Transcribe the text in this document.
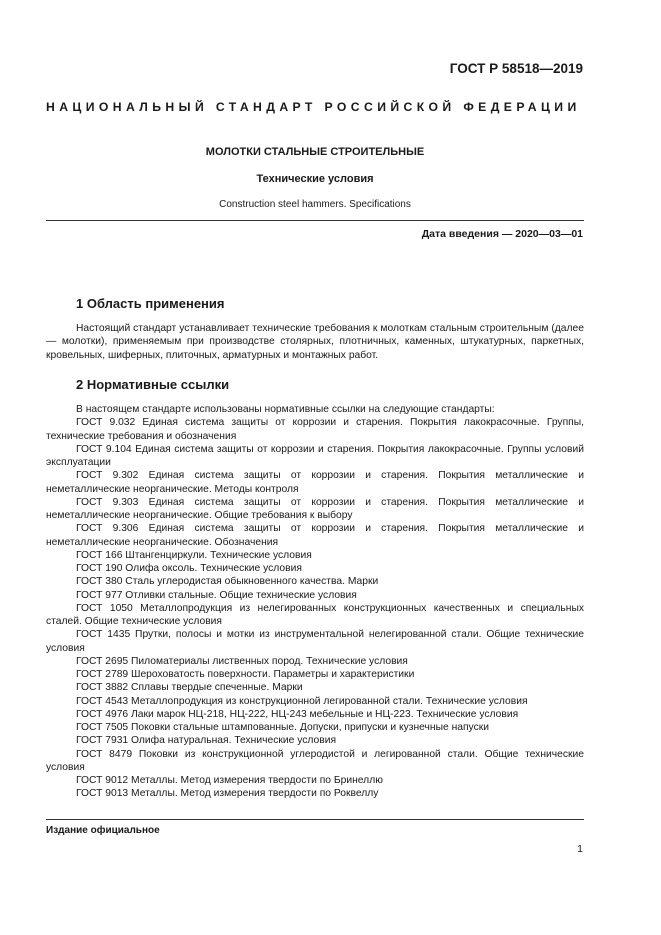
ГОСТ Р 58518—2019
НАЦИОНАЛЬНЫЙ СТАНДАРТ РОССИЙСКОЙ ФЕДЕРАЦИИ
МОЛОТКИ СТАЛЬНЫЕ СТРОИТЕЛЬНЫЕ
Технические условия
Construction steel hammers. Specifications
Дата введения — 2020—03—01
1 Область применения

Настоящий стандарт устанавливает технические требования к молоткам стальным строительным (далее — молотки), применяемым при производстве столярных, плотничных, каменных, штукатурных, паркетных, кровельных, шиферных, плиточных, арматурных и монтажных работ.

2 Нормативные ссылки
В настоящем стандарте использованы нормативные ссылки на следующие стандарты:
ГОСТ 9.032 Единая система защиты от коррозии и старения. Покрытия лакокрасочные. Группы, технические требования и обозначения
ГОСТ 9.104 Единая система защиты от коррозии и старения. Покрытия лакокрасочные. Группы условий эксплуатации
ГОСТ 9.302 Единая система защиты от коррозии и старения. Покрытия металлические и неметаллические неорганические. Методы контроля
ГОСТ 9.303 Единая система защиты от коррозии и старения. Покрытия металлические и неметаллические неорганические. Общие требования к выбору
ГОСТ 9.306 Единая система защиты от коррозии и старения. Покрытия металлические и неметаллические неорганические. Обозначения
ГОСТ 166 Штангенциркули. Технические условия
ГОСТ 190 Олифа оксоль. Технические условия
ГОСТ 380 Сталь углеродистая обыкновенного качества. Марки
ГОСТ 977 Отливки стальные. Общие технические условия
ГОСТ 1050 Металлопродукция из нелегированных конструкционных качественных и специальных сталей. Общие технические условия
ГОСТ 1435 Прутки, полосы и мотки из инструментальной нелегированной стали. Общие технические условия
ГОСТ 2695 Пиломатериалы лиственных пород. Технические условия
ГОСТ 2789 Шероховатость поверхности. Параметры и характеристики
ГОСТ 3882 Сплавы твердые спеченные. Марки
ГОСТ 4543 Металлопродукция из конструкционной легированной стали. Технические условия
ГОСТ 4976 Лаки марок НЦ-218, НЦ-222, НЦ-243 мебельные и НЦ-223. Технические условия
ГОСТ 7505 Поковки стальные штампованные. Допуски, припуски и кузнечные напуски
ГОСТ 7931 Олифа натуральная. Технические условия
ГОСТ 8479 Поковки из конструкционной углеродистой и легированной стали. Общие технические условия
ГОСТ 9012 Металлы. Метод измерения твердости по Бринеллю
ГОСТ 9013 Металлы. Метод измерения твердости по Роквеллу
Издание официальное
1
